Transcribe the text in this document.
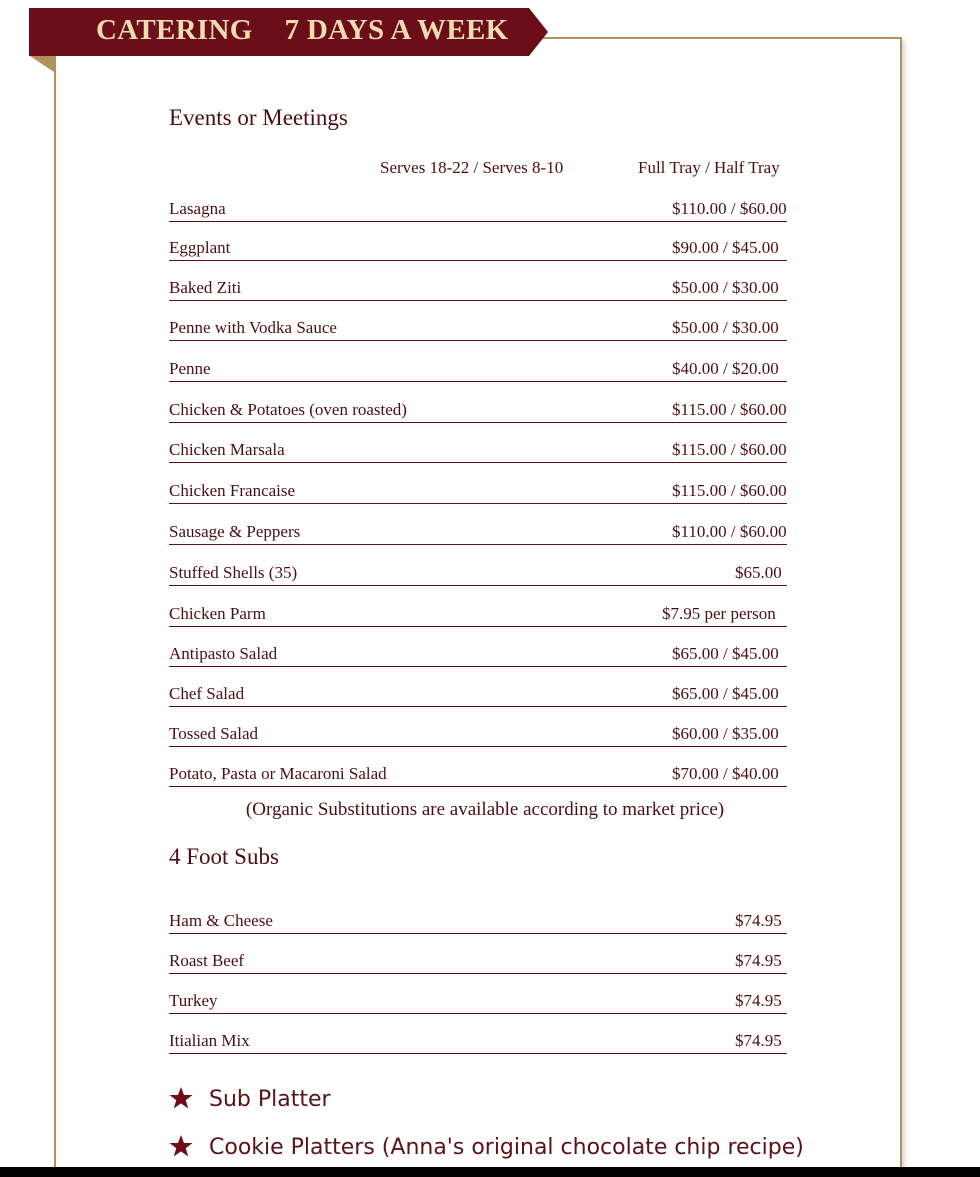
CATERING 7 DAYS A WEEK
Events or Meetings
Serves 18-22 / Serves 8-10	Full Tray / Half Tray
Lasagna	$110.00 / $60.00
Eggplant	$90.00 / $45.00
Baked Ziti	$50.00 / $30.00
Penne with Vodka Sauce	$50.00 / $30.00
Penne	$40.00 / $20.00
Chicken & Potatoes (oven roasted)	$115.00 / $60.00
Chicken Marsala	$115.00 / $60.00
Chicken Francaise	$115.00 / $60.00
Sausage & Peppers	$110.00 / $60.00
Stuffed Shells (35)	$65.00
Chicken Parm	$7.95 per person
Antipasto Salad	$65.00 / $45.00
Chef Salad	$65.00 / $45.00
Tossed Salad	$60.00 / $35.00
Potato, Pasta or Macaroni Salad	$70.00 / $40.00
(Organic Substitutions are available according to market price)
4 Foot Subs
Ham & Cheese	$74.95
Roast Beef	$74.95
Turkey	$74.95
Itialian Mix	$74.95
Sub Platter
Cookie Platters (Anna's original chocolate chip recipe)
